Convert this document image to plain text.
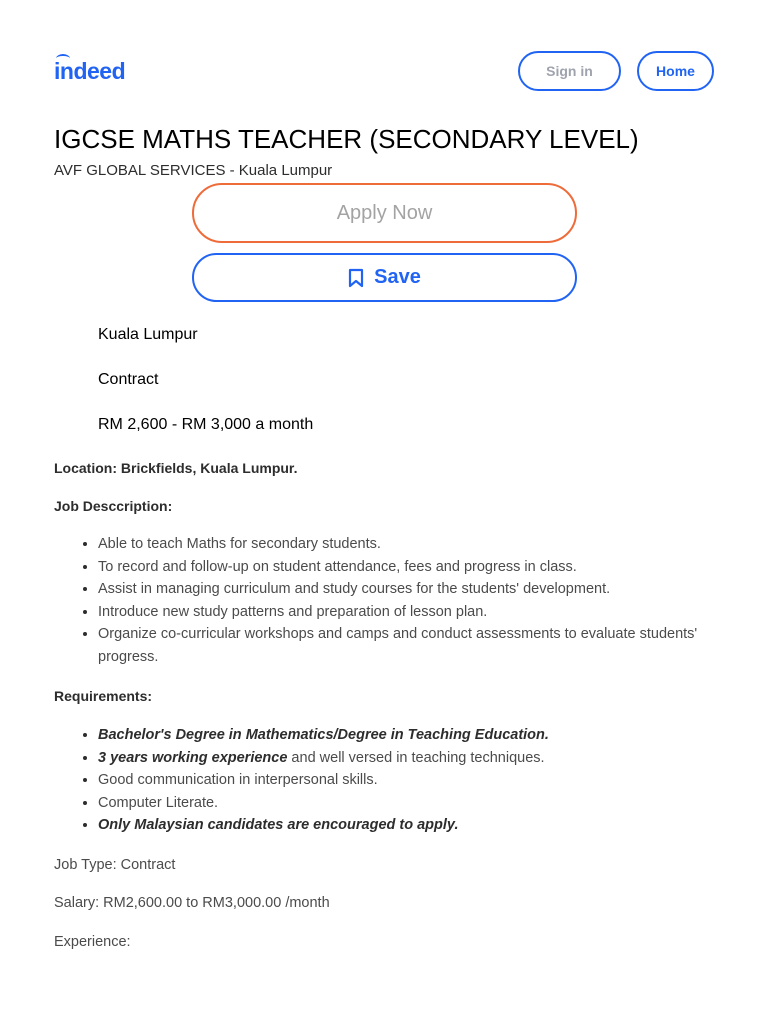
indeed	Sign in	Home
IGCSE MATHS TEACHER (SECONDARY LEVEL)
AVF GLOBAL SERVICES - Kuala Lumpur
Apply Now
Save
Kuala Lumpur
Contract
RM 2,600 - RM 3,000 a month
Location: Brickfields, Kuala Lumpur.
Job Desccription:
• Able to teach Maths for secondary students.
• To record and follow-up on student attendance, fees and progress in class.
• Assist in managing curriculum and study courses for the students' development.
• Introduce new study patterns and preparation of lesson plan.
• Organize co-curricular workshops and camps and conduct assessments to evaluate students' progress.
Requirements:
• Bachelor's Degree in Mathematics/Degree in Teaching Education.
• 3 years working experience and well versed in teaching techniques.
• Good communication in interpersonal skills.
• Computer Literate.
• Only Malaysian candidates are encouraged to apply.
Job Type: Contract
Salary: RM2,600.00 to RM3,000.00 /month
Experience:
